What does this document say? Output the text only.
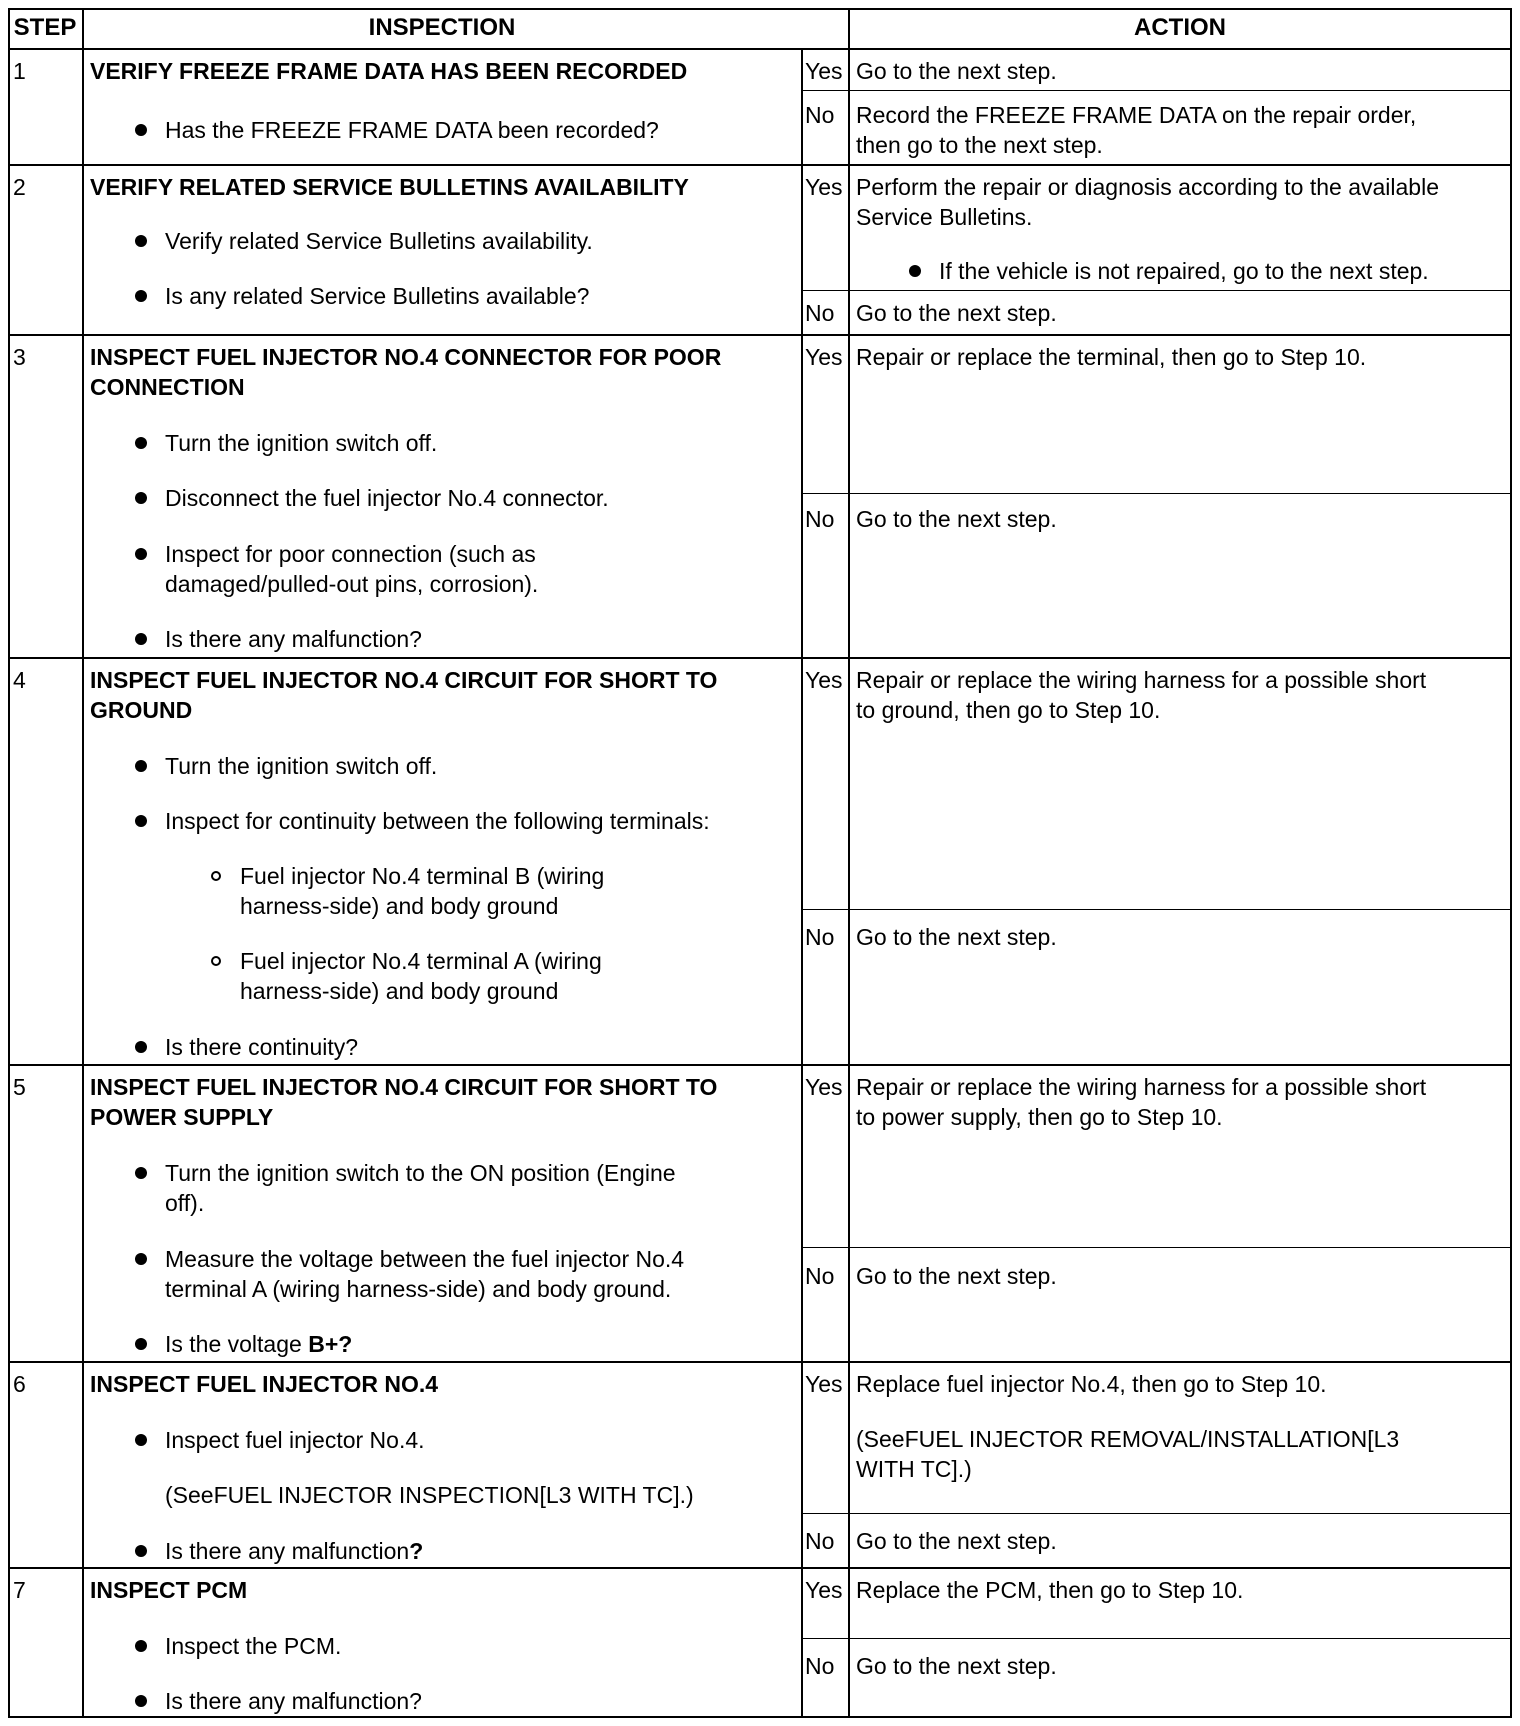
STEP	INSPECTION	ACTION
1	VERIFY FREEZE FRAME DATA HAS BEEN RECORDED
Has the FREEZE FRAME DATA been recorded?
Yes Go to the next step.
No Record the FREEZE FRAME DATA on the repair order,
then go to the next step.
2	VERIFY RELATED SERVICE BULLETINS AVAILABILITY
Verify related Service Bulletins availability.
Is any related Service Bulletins available?
Yes Perform the repair or diagnosis according to the available
Service Bulletins.
If the vehicle is not repaired, go to the next step.
No Go to the next step.
3	INSPECT FUEL INJECTOR NO.4 CONNECTOR FOR POOR
CONNECTION
Turn the ignition switch off.
Disconnect the fuel injector No.4 connector.
Inspect for poor connection (such as
damaged/pulled-out pins, corrosion).
Is there any malfunction?
Yes Repair or replace the terminal, then go to Step 10.
No Go to the next step.
4	INSPECT FUEL INJECTOR NO.4 CIRCUIT FOR SHORT TO
GROUND
Turn the ignition switch off.
Inspect for continuity between the following terminals:
Fuel injector No.4 terminal B (wiring
harness-side) and body ground
Fuel injector No.4 terminal A (wiring
harness-side) and body ground
Is there continuity?
Yes Repair or replace the wiring harness for a possible short
to ground, then go to Step 10.
No Go to the next step.
5	INSPECT FUEL INJECTOR NO.4 CIRCUIT FOR SHORT TO
POWER SUPPLY
Turn the ignition switch to the ON position (Engine
off).
Measure the voltage between the fuel injector No.4
terminal A (wiring harness-side) and body ground.
Is the voltage B+?
Yes Repair or replace the wiring harness for a possible short
to power supply, then go to Step 10.
No Go to the next step.
6	INSPECT FUEL INJECTOR NO.4
Inspect fuel injector No.4.
(SeeFUEL INJECTOR INSPECTION[L3 WITH TC].)
Is there any malfunction?
Yes Replace fuel injector No.4, then go to Step 10.
(SeeFUEL INJECTOR REMOVAL/INSTALLATION[L3
WITH TC].)
No Go to the next step.
7	INSPECT PCM
Inspect the PCM.
Is there any malfunction?
Yes Replace the PCM, then go to Step 10.
No Go to the next step.
